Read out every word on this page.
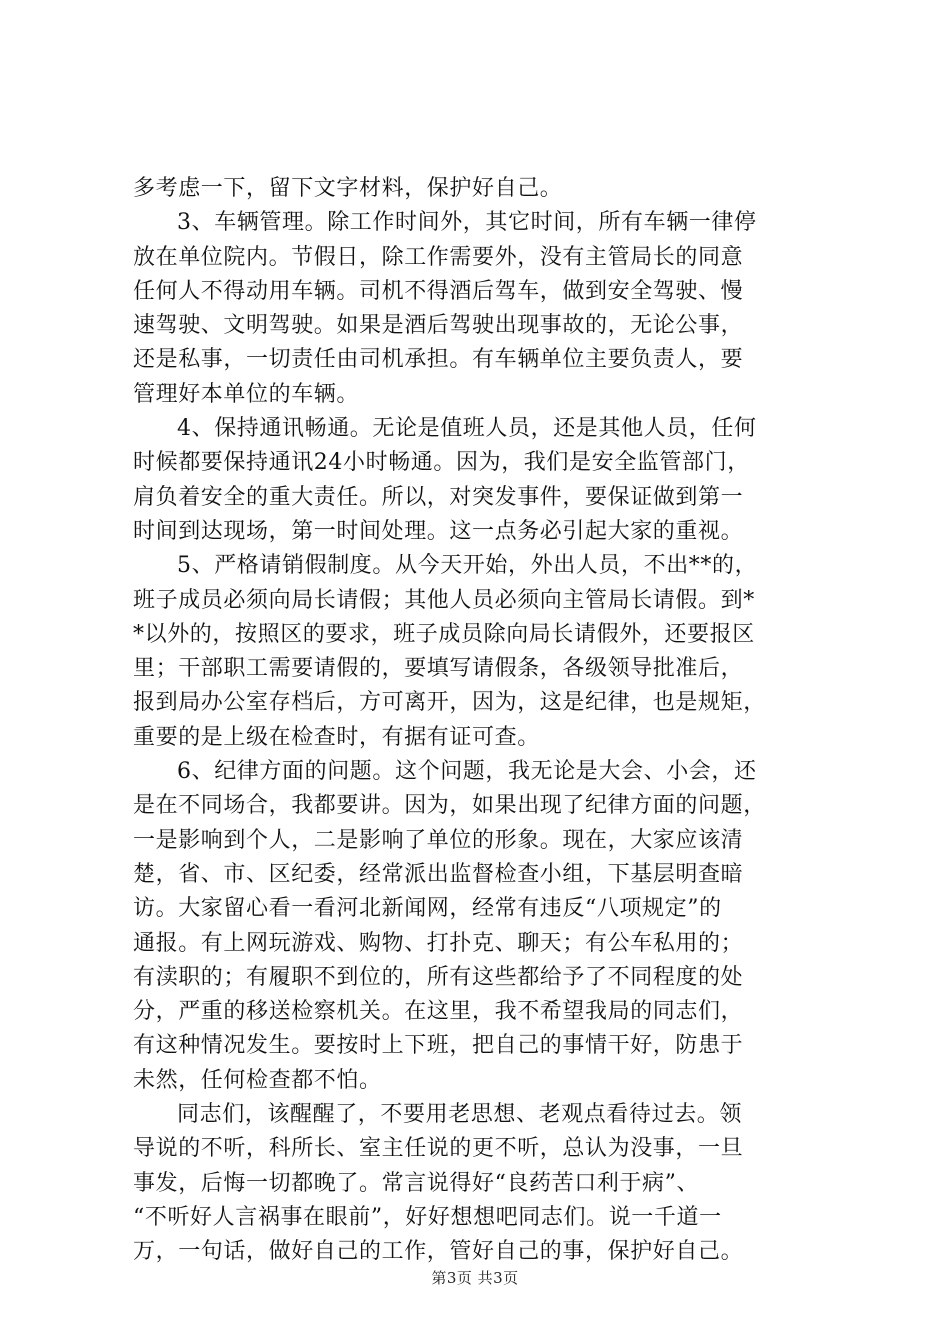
多考虑一下，留下文字材料，保护好自己。
3、车辆管理。除工作时间外，其它时间，所有车辆一律停
放在单位院内。节假日，除工作需要外，没有主管局长的同意
任何人不得动用车辆。司机不得酒后驾车，做到安全驾驶、慢
速驾驶、文明驾驶。如果是酒后驾驶出现事故的，无论公事，
还是私事，一切责任由司机承担。有车辆单位主要负责人，要
管理好本单位的车辆。
4、保持通讯畅通。无论是值班人员，还是其他人员，任何
时候都要保持通讯24小时畅通。因为，我们是安全监管部门，
肩负着安全的重大责任。所以，对突发事件，要保证做到第一
时间到达现场，第一时间处理。这一点务必引起大家的重视。
5、严格请销假制度。从今天开始，外出人员，不出**的，
班子成员必须向局长请假；其他人员必须向主管局长请假。到*
*以外的，按照区的要求，班子成员除向局长请假外，还要报区
里；干部职工需要请假的，要填写请假条，各级领导批准后，
报到局办公室存档后，方可离开，因为，这是纪律，也是规矩，
重要的是上级在检查时，有据有证可查。
6、纪律方面的问题。这个问题，我无论是大会、小会，还
是在不同场合，我都要讲。因为，如果出现了纪律方面的问题，
一是影响到个人，二是影响了单位的形象。现在，大家应该清
楚，省、市、区纪委，经常派出监督检查小组，下基层明查暗
访。大家留心看一看河北新闻网，经常有违反“八项规定”的
通报。有上网玩游戏、购物、打扑克、聊天；有公车私用的；
有渎职的；有履职不到位的，所有这些都给予了不同程度的处
分，严重的移送检察机关。在这里，我不希望我局的同志们，
有这种情况发生。要按时上下班，把自己的事情干好，防患于
未然，任何检查都不怕。
同志们，该醒醒了，不要用老思想、老观点看待过去。领
导说的不听，科所长、室主任说的更不听，总认为没事，一旦
事发，后悔一切都晚了。常言说得好“良药苦口利于病”、
“不听好人言祸事在眼前”，好好想想吧同志们。说一千道一
万，一句话，做好自己的工作，管好自己的事，保护好自己。
第3页 共3页
